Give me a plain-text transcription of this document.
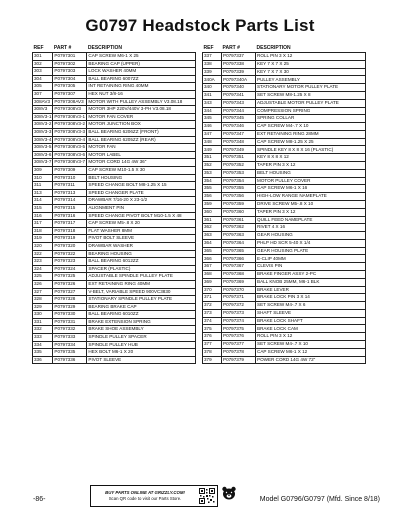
G0797 Headstock Parts List
REF	PART #	DESCRIPTION
301	P0797301	CAP SCREW M6-1 X 25
302	P0797302	BEARING CAP (UPPER)
303	P0797303	LOCK WASHER 40MM
304	P0797304	BALL BEARING 6007ZZ
305	P0797305	INT RETAINING RING 40MM
307	P0797307	HEX NUT 3/8-16
308AV3	P0797308AV3	MOTOR WITH PULLEY ASSEMBLY V3.08.18
308V3	P0797308V3	MOTOR 3HP 220V/440V 3-PH V3.08.18
308V3-1	P0797308V3-1	MOTOR FAN COVER
308V3-2	P0797308V3-2	MOTOR JUNCTION BOX
308V3-3	P0797308V3-3	BALL BEARING 6206ZZ (FRONT)
308V3-4	P0797308V3-4	BALL BEARING 6205ZZ (REAR)
308V3-5	P0797308V3-5	MOTOR FAN
308V3-6	P0797308V3-6	MOTOR LABEL
308V3-7	P0797308V3-7	MOTOR CORD 14G 4W 36"
309	P0797309	CAP SCREW M10-1.5 X 30
310	P0797310	BELT HOUSING
311	P0797311	SPEED CHANGE BOLT M8-1.25 X 15
313	P0797313	SPEED CHANGER PLATE
314	P0797314	DRAWBAR 7/16-20 X 23-1/2
315	P0797315	ALIGNMENT PIN
316	P0797316	SPEED CHANGE PIVOT BOLT M10-1.5 X 48
317	P0797317	CAP SCREW M5-.8 X 20
318	P0797318	FLAT WASHER 8MM
319	P0797319	PIVOT BOLT SLEEVE
320	P0797320	DRAWBAR WASHER
322	P0797322	BEARING HOUSING
323	P0797323	BALL BEARING 6012ZZ
324	P0797324	SPACER (PLASTIC)
325	P0797325	ADJUSTABLE SPINDLE PULLEY PLATE
326	P0797326	EXT RETAINING RING 40MM
327	P0797327	V-BELT, VARIABLE SPEED 900VC3830
328	P0797328	STATIONARY SPINDLE PULLEY PLATE
329	P0797329	BEARING BRAKE CAP
330	P0797330	BALL BEARING 6010ZZ
331	P0797331	BRAKE EXTENSION SPRING
332	P0797332	BRAKE SHOE ASSEMBLY
333	P0797333	SPINDLE PULLEY SPACER
334	P0797334	SPINDLE PULLEY HUB
335	P0797335	HEX BOLT M6-1 X 20
336	P0797336	PIVOT SLEEVE
REF	PART #	DESCRIPTION
337	P0797337	ROLL PIN 3 X 12
338	P0797338	KEY 7 X 7 X 25
339	P0797339	KEY 7 X 7 X 30
340A	P0797340A	PULLEY ASSEMBLY
340	P0797340	STATIONARY MOTOR PULLEY PLATE
341	P0797341	SET SCREW M8-1.25 X 8
343	P0797343	ADJUSTABLE MOTOR PULLEY PLATE
344	P0797344	COMPRESSION SPRING
345	P0797345	SPRING COLLAR
346	P0797346	CAP SCREW M4-.7 X 10
347	P0797347	EXT RETAINING RING 28MM
348	P0797348	CAP SCREW M8-1.25 X 25
349	P0797349	SPINDLE KEY 8 X 8 X 16 (PLASTIC)
351	P0797351	KEY 8 X 8 X 12
352	P0797352	TAPER PIN 3 X 12
353	P0797353	BELT HOUSING
354	P0797354	MOTOR PULLEY COVER
355	P0797355	CAP SCREW M6-1 X 16
356	P0797356	HIGH-LOW RANGE NAMEPLATE
359	P0797359	DRIVE SCREW M5-.8 X 10
360	P0797360	TAPER PIN 3 X 12
361	P0797361	QUILL FEED NAMEPLATE
362	P0797362	RIVET 4 X 16
363	P0797363	GEAR HOUSING
364	P0797364	PHLP HD SCR 5-40 X 1/4
365	P0797365	GEAR HOUSING PLATE
366	P0797366	E-CLIP 40MM
367	P0797367	CLEVIS PIN
368	P0797368	BRAKE FINGER ASSY 2-PC
369	P0797369	BALL KNOB 25MM, M6-1 BLK
370	P0797370	BRAKE LEVER
371	P0797371	BRAKE LOCK PIN 3 X 14
372	P0797372	SET SCREW M4-.7 X 6
373	P0797373	SHAFT SLEEVE
374	P0797374	BRAKE LOCK SHAFT
375	P0797375	BRAKE LOCK CAM
376	P0797376	ROLL PIN 3 X 12
377	P0797377	SET SCREW M4-.7 X 10
378	P0797378	CAP SCREW M6-1 X 12
379	P0797379	POWER CORD 14G 4W 72"
-86-
BUY PARTS ONLINE AT GRIZZLY.COM!
Scan QR code to visit our Parts Store.	Model G0796/G0797 (Mfd. Since 8/18)
